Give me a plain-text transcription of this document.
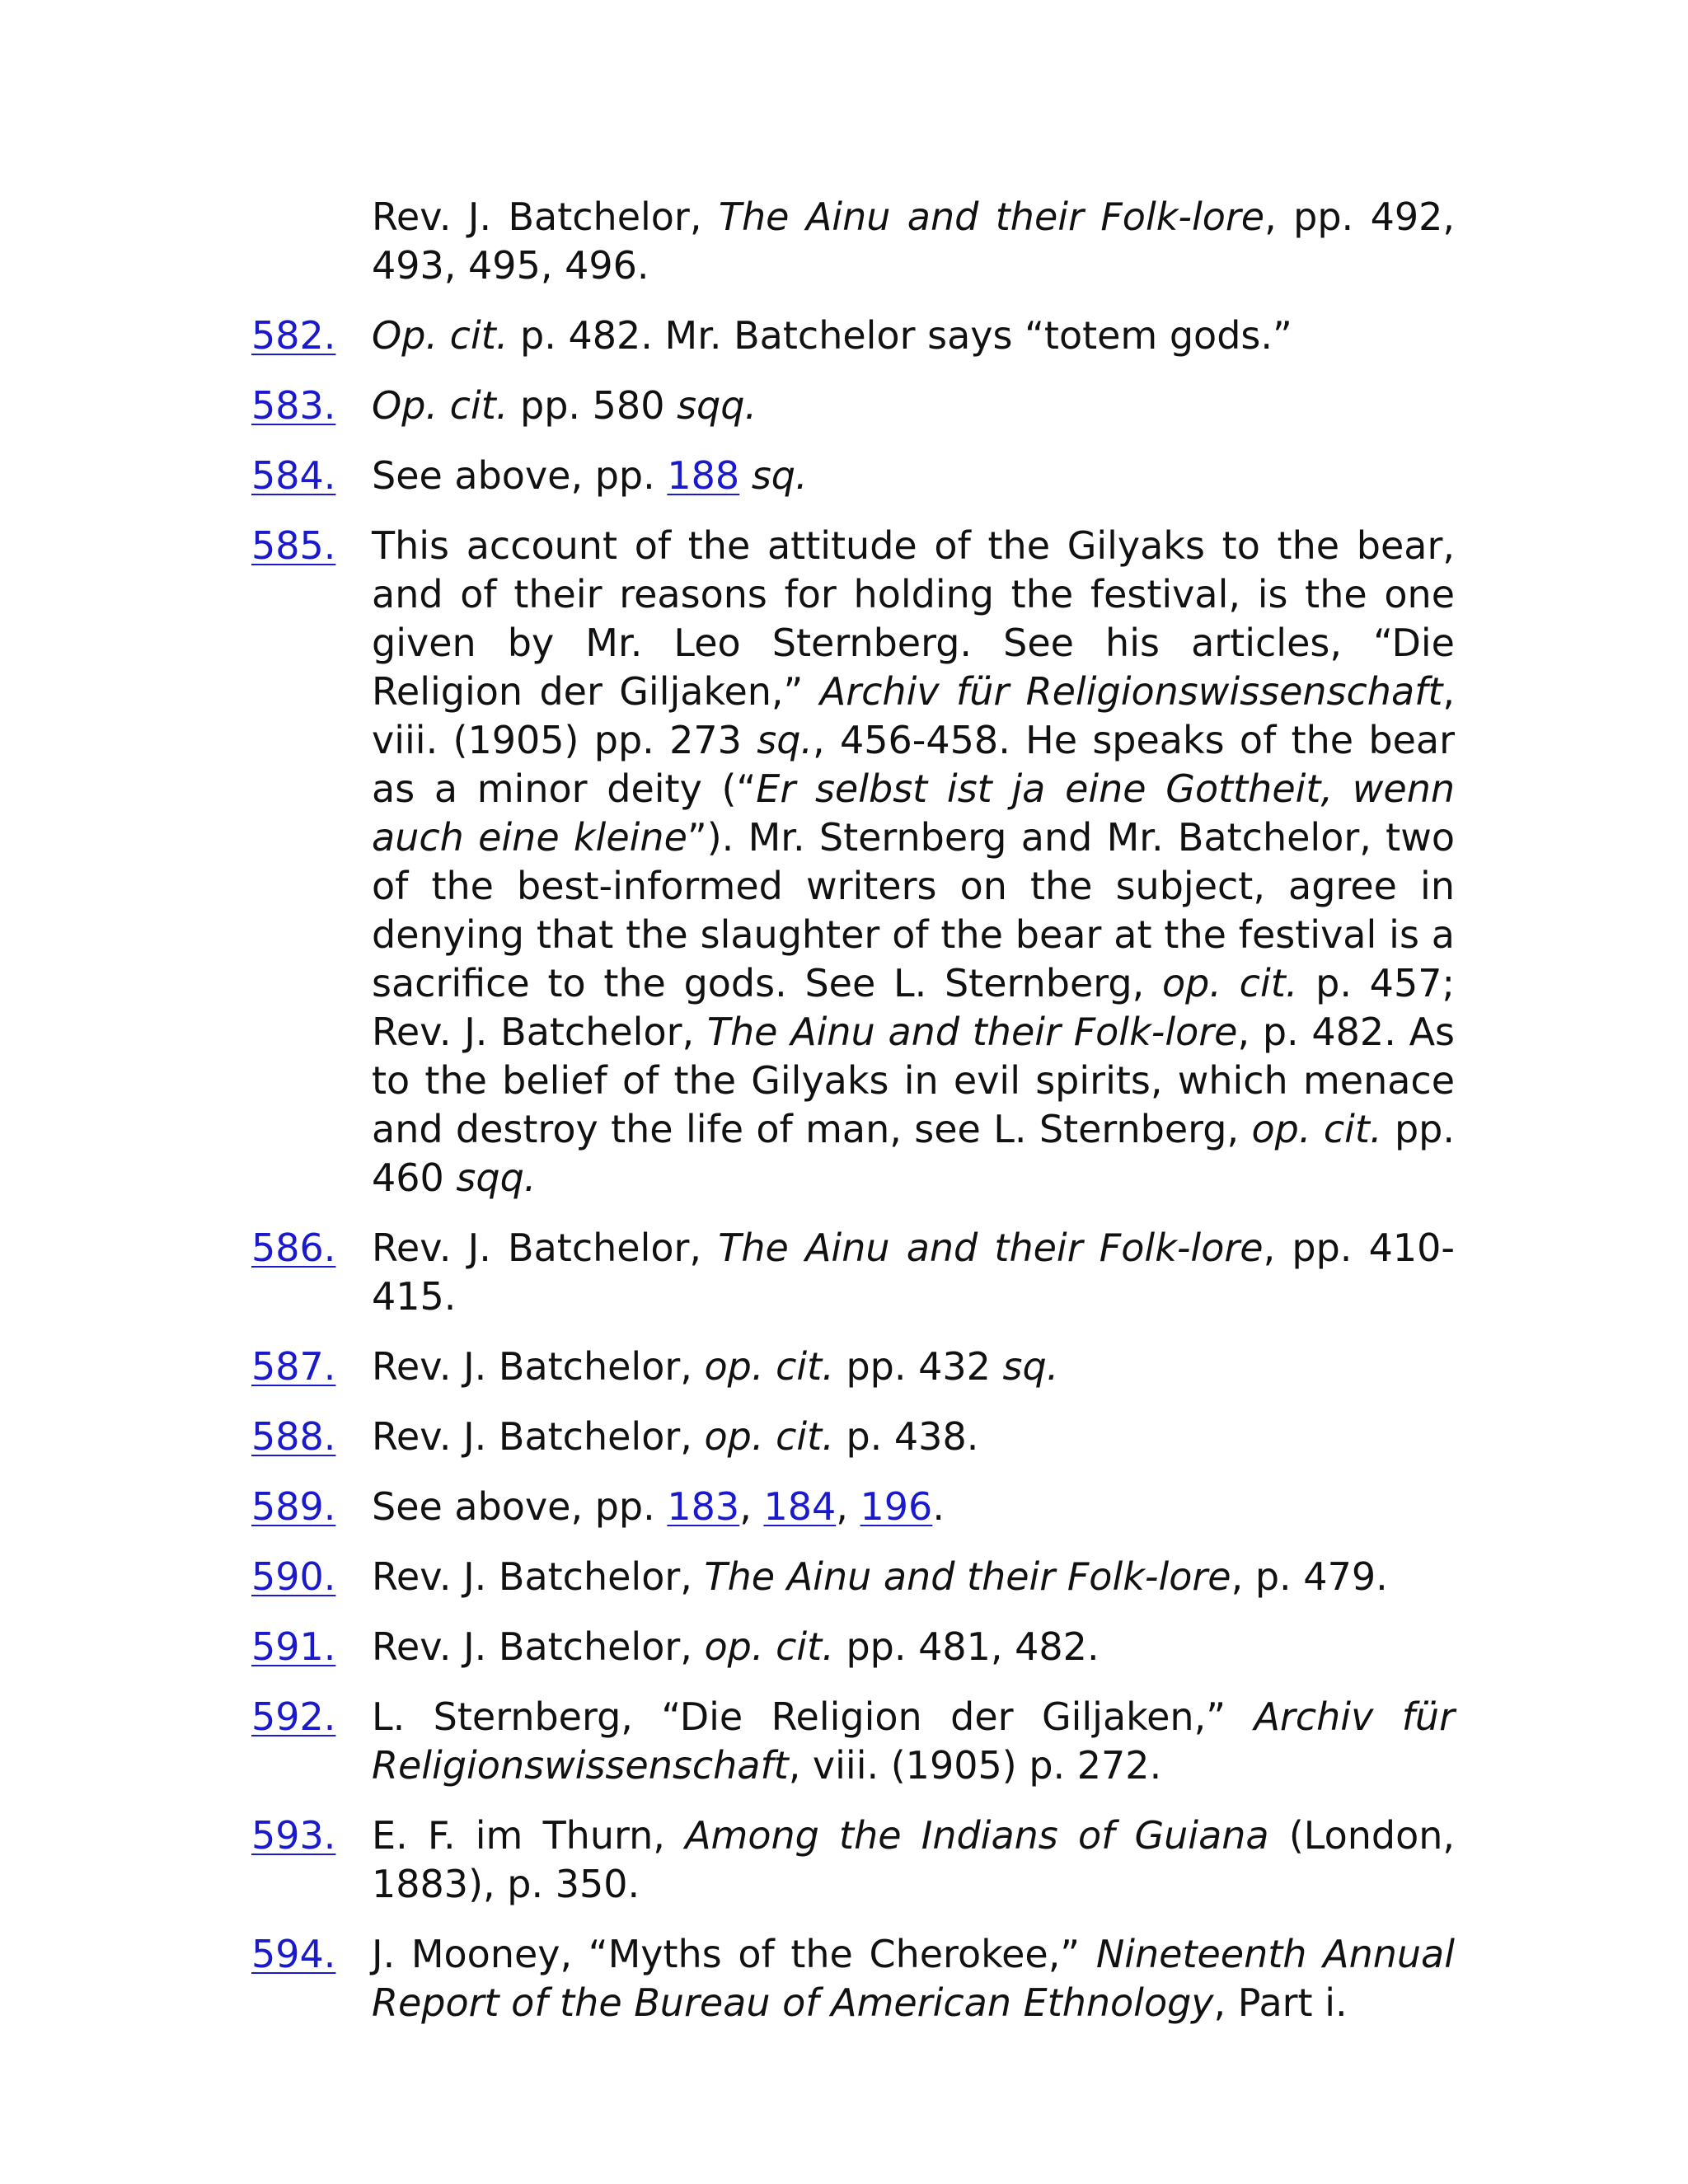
Rev. J. Batchelor, The Ainu and their Folk-lore, pp. 492, 493, 495, 496.
582. Op. cit. p. 482. Mr. Batchelor says “totem gods.”
583. Op. cit. pp. 580 sqq.
584. See above, pp. 188 sq.
585. This account of the attitude of the Gilyaks to the bear, and of their reasons for holding the festival, is the one given by Mr. Leo Sternberg. See his articles, “Die Religion der Giljaken,” Archiv für Religionswissenschaft, viii. (1905) pp. 273 sq., 456-458. He speaks of the bear as a minor deity (“Er selbst ist ja eine Gottheit, wenn auch eine kleine”). Mr. Sternberg and Mr. Batchelor, two of the best-informed writers on the subject, agree in denying that the slaughter of the bear at the festival is a sacrifice to the gods. See L. Sternberg, op. cit. p. 457; Rev. J. Batchelor, The Ainu and their Folk-lore, p. 482. As to the belief of the Gilyaks in evil spirits, which menace and destroy the life of man, see L. Sternberg, op. cit. pp. 460 sqq.
586. Rev. J. Batchelor, The Ainu and their Folk-lore, pp. 410-415.
587. Rev. J. Batchelor, op. cit. pp. 432 sq.
588. Rev. J. Batchelor, op. cit. p. 438.
589. See above, pp. 183, 184, 196.
590. Rev. J. Batchelor, The Ainu and their Folk-lore, p. 479.
591. Rev. J. Batchelor, op. cit. pp. 481, 482.
592. L. Sternberg, “Die Religion der Giljaken,” Archiv für Religionswissenschaft, viii. (1905) p. 272.
593. E. F. im Thurn, Among the Indians of Guiana (London, 1883), p. 350.
594. J. Mooney, “Myths of the Cherokee,” Nineteenth Annual Report of the Bureau of American Ethnology, Part i.
